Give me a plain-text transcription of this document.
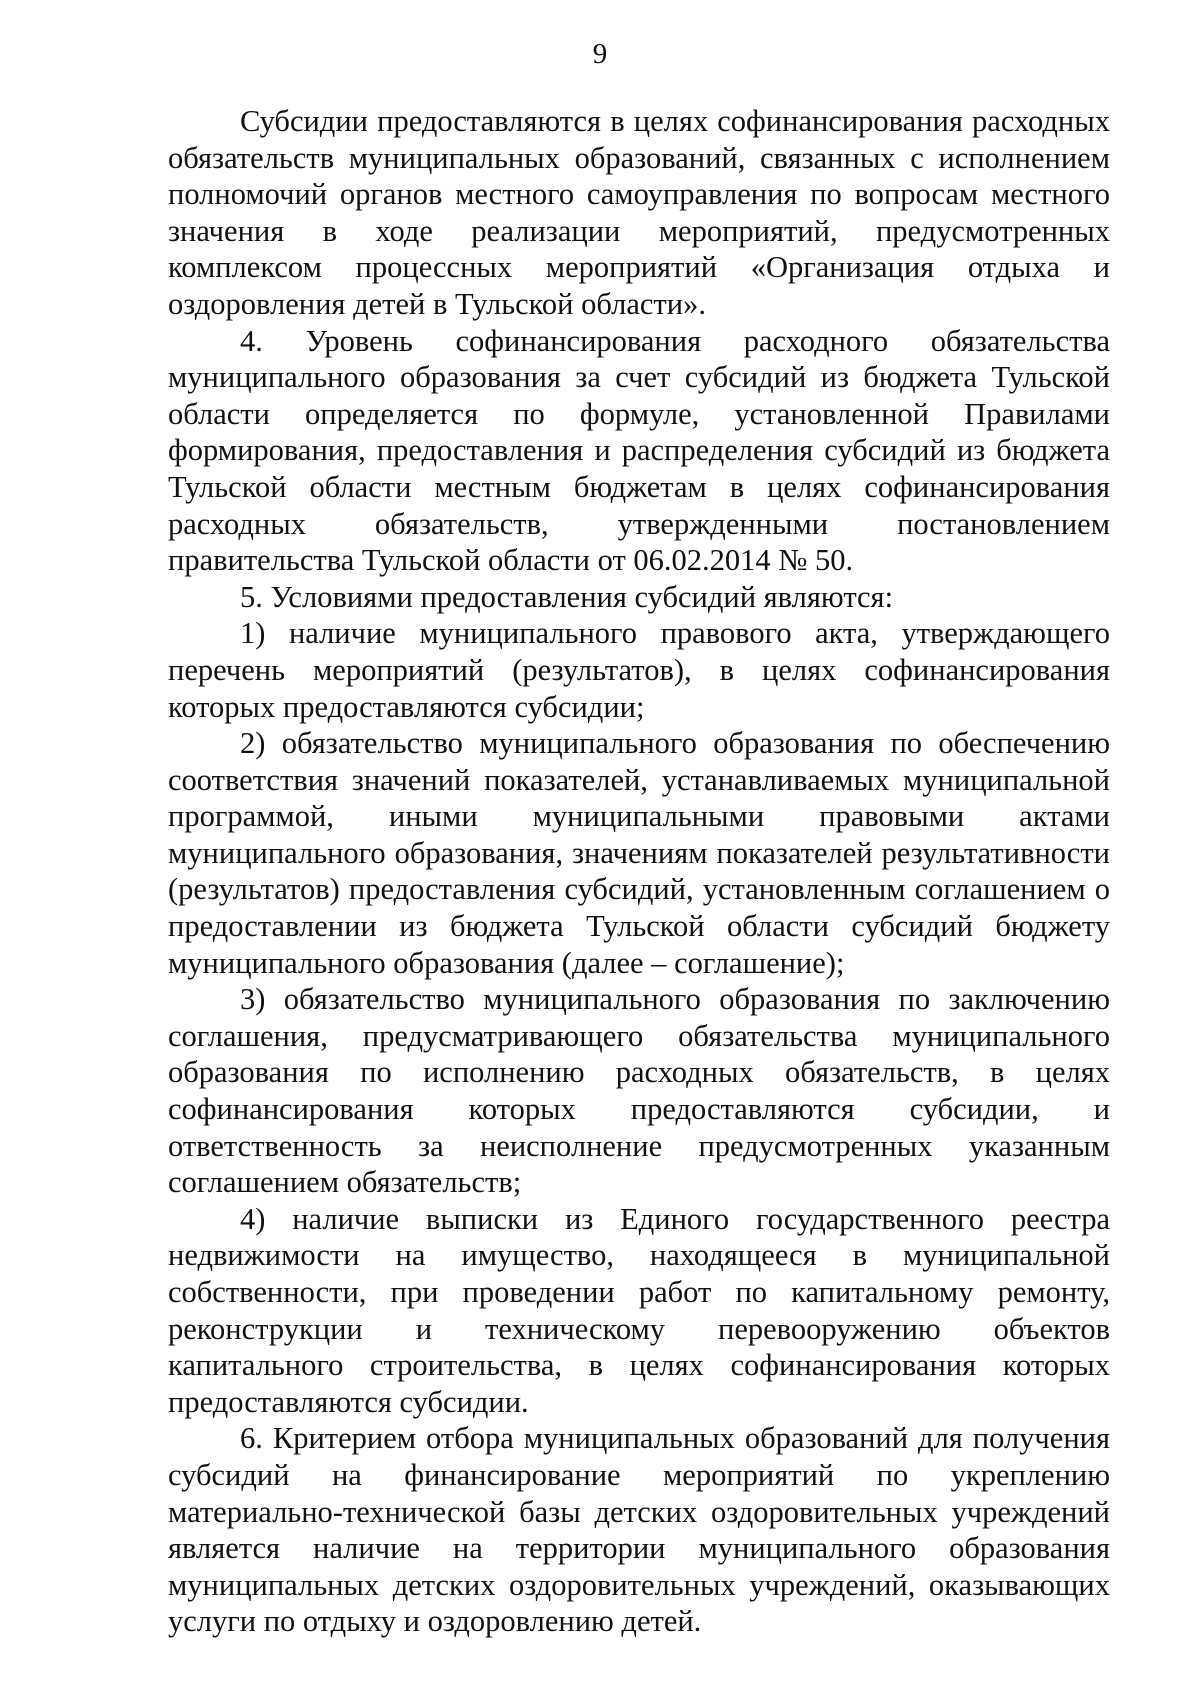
9

Субсидии предоставляются в целях софинансирования расходных обязательств муниципальных образований, связанных с исполнением полномочий органов местного самоуправления по вопросам местного значения в ходе реализации мероприятий, предусмотренных комплексом процессных мероприятий «Организация отдыха и оздоровления детей в Тульской области».

4. Уровень софинансирования расходного обязательства муниципального образования за счет субсидий из бюджета Тульской области определяется по формуле, установленной Правилами формирования, предоставления и распределения субсидий из бюджета Тульской области местным бюджетам в целях софинансирования расходных обязательств, утвержденными постановлением правительства Тульской области от 06.02.2014 № 50.

5. Условиями предоставления субсидий являются:

1) наличие муниципального правового акта, утверждающего перечень мероприятий (результатов), в целях софинансирования которых предоставляются субсидии;

2) обязательство муниципального образования по обеспечению соответствия значений показателей, устанавливаемых муниципальной программой, иными муниципальными правовыми актами муниципального образования, значениям показателей результативности (результатов) предоставления субсидий, установленным соглашением о предоставлении из бюджета Тульской области субсидий бюджету муниципального образования (далее – соглашение);

3) обязательство муниципального образования по заключению соглашения, предусматривающего обязательства муниципального образования по исполнению расходных обязательств, в целях софинансирования которых предоставляются субсидии, и ответственность за неисполнение предусмотренных указанным соглашением обязательств;

4) наличие выписки из Единого государственного реестра недвижимости на имущество, находящееся в муниципальной собственности, при проведении работ по капитальному ремонту, реконструкции и техническому перевооружению объектов капитального строительства, в целях софинансирования которых предоставляются субсидии.

6. Критерием отбора муниципальных образований для получения субсидий на финансирование мероприятий по укреплению материально-технической базы детских оздоровительных учреждений является наличие на территории муниципального образования муниципальных детских оздоровительных учреждений, оказывающих услуги по отдыху и оздоровлению детей.
